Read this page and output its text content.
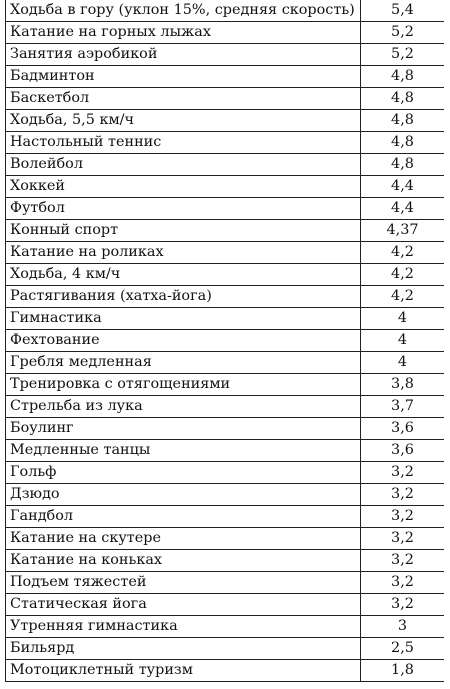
Ходьба в гору (уклон 15%, средняя скорость)	5,4
Катание на горных лыжах	5,2
Занятия аэробикой	5,2
Бадминтон	4,8
Баскетбол	4,8
Ходьба, 5,5 км/ч	4,8
Настольный теннис	4,8
Волейбол	4,8
Хоккей	4,4
Футбол	4,4
Конный спорт	4,37
Катание на роликах	4,2
Ходьба, 4 км/ч	4,2
Растягивания (хатха-йога)	4,2
Гимнастика	4
Фехтование	4
Гребля медленная	4
Тренировка с отягощениями	3,8
Стрельба из лука	3,7
Боулинг	3,6
Медленные танцы	3,6
Гольф	3,2
Дзюдо	3,2
Гандбол	3,2
Катание на скутере	3,2
Катание на коньках	3,2
Подъем тяжестей	3,2
Статическая йога	3,2
Утренняя гимнастика	3
Бильярд	2,5
Мотоциклетный туризм	1,8
